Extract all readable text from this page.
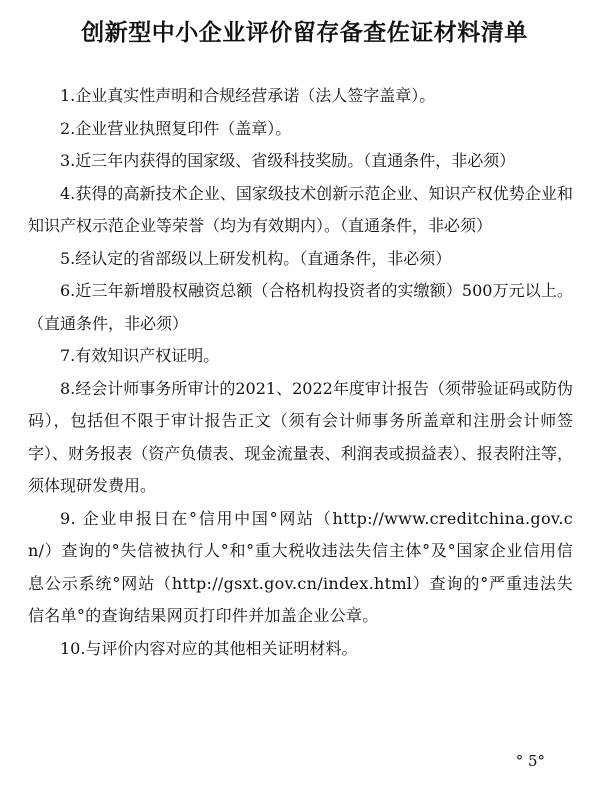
创新型中小企业评价留存备查佐证材料清单

1.企业真实性声明和合规经营承诺（法人签字盖章）。

2.企业营业执照复印件（盖章）。

3.近三年内获得的国家级、省级科技奖励。（直通条件，非必须）

4.获得的高新技术企业、国家级技术创新示范企业、知识产权优势企业和知识产权示范企业等荣誉（均为有效期内）。（直通条件，非必须）

5.经认定的省部级以上研发机构。（直通条件，非必须）

6.近三年新增股权融资总额（合格机构投资者的实缴额）500万元以上。（直通条件，非必须）

7.有效知识产权证明。

8.经会计师事务所审计的2021、2022年度审计报告（须带验证码或防伪码），包括但不限于审计报告正文（须有会计师事务所盖章和注册会计师签字）、财务报表（资产负债表、现金流量表、利润表或损益表）、报表附注等，须体现研发费用。

9. 企业申报日在°信用中国°网站（http://www.creditchina.gov.cn/）查询的°失信被执行人°和°重大税收违法失信主体°及°国家企业信用信息公示系统°网站（http://gsxt.gov.cn/index.html）查询的°严重违法失信名单°的查询结果网页打印件并加盖企业公章。

10.与评价内容对应的其他相关证明材料。

° 5°
